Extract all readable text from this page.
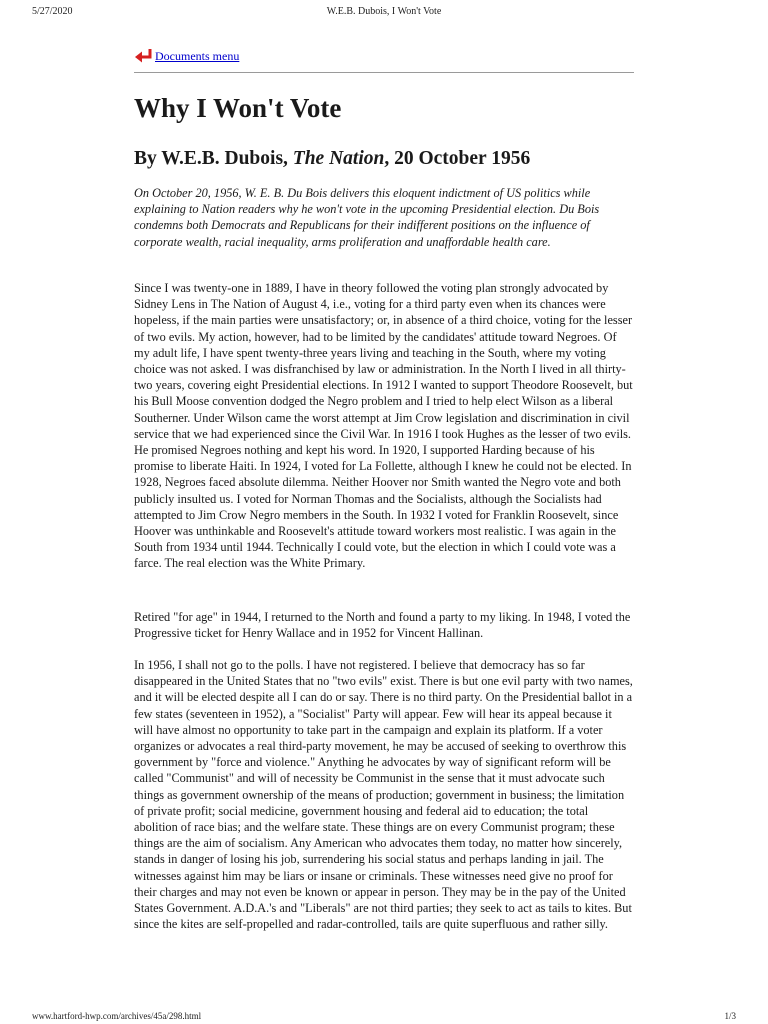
5/27/2020	W.E.B. Dubois, I Won't Vote
Documents menu
Why I Won't Vote
By W.E.B. Dubois, The Nation, 20 October 1956

On October 20, 1956, W. E. B. Du Bois delivers this eloquent indictment of US politics while explaining to Nation readers why he won't vote in the upcoming Presidential election. Du Bois condemns both Democrats and Republicans for their indifferent positions on the influence of corporate wealth, racial inequality, arms proliferation and unaffordable health care.

Since I was twenty-one in 1889, I have in theory followed the voting plan strongly advocated by Sidney Lens in The Nation of August 4, i.e., voting for a third party even when its chances were hopeless, if the main parties were unsatisfactory; or, in absence of a third choice, voting for the lesser of two evils. My action, however, had to be limited by the candidates' attitude toward Negroes. Of my adult life, I have spent twenty-three years living and teaching in the South, where my voting choice was not asked. I was disfranchised by law or administration. In the North I lived in all thirty-two years, covering eight Presidential elections. In 1912 I wanted to support Theodore Roosevelt, but his Bull Moose convention dodged the Negro problem and I tried to help elect Wilson as a liberal Southerner. Under Wilson came the worst attempt at Jim Crow legislation and discrimination in civil service that we had experienced since the Civil War. In 1916 I took Hughes as the lesser of two evils. He promised Negroes nothing and kept his word. In 1920, I supported Harding because of his promise to liberate Haiti. In 1924, I voted for La Follette, although I knew he could not be elected. In 1928, Negroes faced absolute dilemma. Neither Hoover nor Smith wanted the Negro vote and both publicly insulted us. I voted for Norman Thomas and the Socialists, although the Socialists had attempted to Jim Crow Negro members in the South. In 1932 I voted for Franklin Roosevelt, since Hoover was unthinkable and Roosevelt's attitude toward workers most realistic. I was again in the South from 1934 until 1944. Technically I could vote, but the election in which I could vote was a farce. The real election was the White Primary.

Retired "for age" in 1944, I returned to the North and found a party to my liking. In 1948, I voted the Progressive ticket for Henry Wallace and in 1952 for Vincent Hallinan.

In 1956, I shall not go to the polls. I have not registered. I believe that democracy has so far disappeared in the United States that no "two evils" exist. There is but one evil party with two names, and it will be elected despite all I can do or say. There is no third party. On the Presidential ballot in a few states (seventeen in 1952), a "Socialist" Party will appear. Few will hear its appeal because it will have almost no opportunity to take part in the campaign and explain its platform. If a voter organizes or advocates a real third-party movement, he may be accused of seeking to overthrow this government by "force and violence." Anything he advocates by way of significant reform will be called "Communist" and will of necessity be Communist in the sense that it must advocate such things as government ownership of the means of production; government in business; the limitation of private profit; social medicine, government housing and federal aid to education; the total abolition of race bias; and the welfare state. These things are on every Communist program; these things are the aim of socialism. Any American who advocates them today, no matter how sincerely, stands in danger of losing his job, surrendering his social status and perhaps landing in jail. The witnesses against him may be liars or insane or criminals. These witnesses need give no proof for their charges and may not even be known or appear in person. They may be in the pay of the United States Government. A.D.A.'s and "Liberals" are not third parties; they seek to act as tails to kites. But since the kites are self-propelled and radar-controlled, tails are quite superfluous and rather silly.

www.hartford-hwp.com/archives/45a/298.html	1/3
